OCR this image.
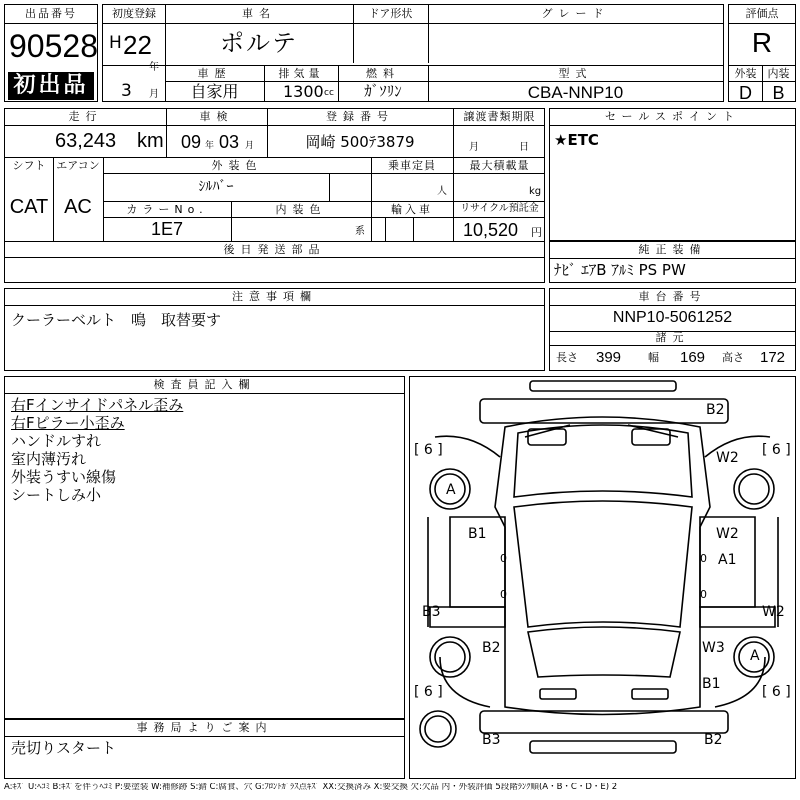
出品番号
90528
初出品
初度登録
H 22
年
3 月
車名
ポルテ
ドア形状	グレード
車歴
自家用
排気量
1300 cc
燃料
ｶﾞｿﾘﾝ
型式
CBA-NNP10
評価点
R
外装	内装
D	B
走行
63,243 km
車検
09 年 03 月
登録番号
岡崎 500ﾃ3879
譲渡書類期限
月	日
シフト
CAT
エアコン
AC
外装色
ｼﾙﾊﾞｰ
乗車定員
人
最大積載量
kg
カラーNo.
1E7
内装色
系
輸入車	リサイクル預託金
10,520 円
後日発送部品
セールスポイント
★ETC
純正装備
ﾅﾋﾞ ｴｱB ｱﾙﾐ PS PW
注意事項欄
クーラーベルト　鳴　取替要す
車台番号
NNP10-5061252
諸元
長さ 399 幅 169 高さ 172
検査員記入欄
右Fインサイドパネル歪み
右Fピラー小歪み
ハンドルすれ
室内薄汚れ
外装うすい線傷
シートしみ小
事務局よりご案内
売切りスタート
[ 6 ]	[ 6 ]
[ 6 ]	[ 6 ]
B2
W2
A
B1	W2
0	0 A1
0	0
B3	W2
B2	W3 A
B1
B3	B2
A:ｷｽﾞ U:ﾍｺﾐ B:ｷｽﾞを伴うﾍｺﾐ P:要塗装 W:補修跡 S:錆 C:腐食、穴 G:ﾌﾛﾝﾄｶﾞﾗｽ点ｷｽﾞ XX:交換済み X:要交換 欠:欠品 内・外装評価 5段階ﾗﾝｸ順(A・B・C・D・E) 2
